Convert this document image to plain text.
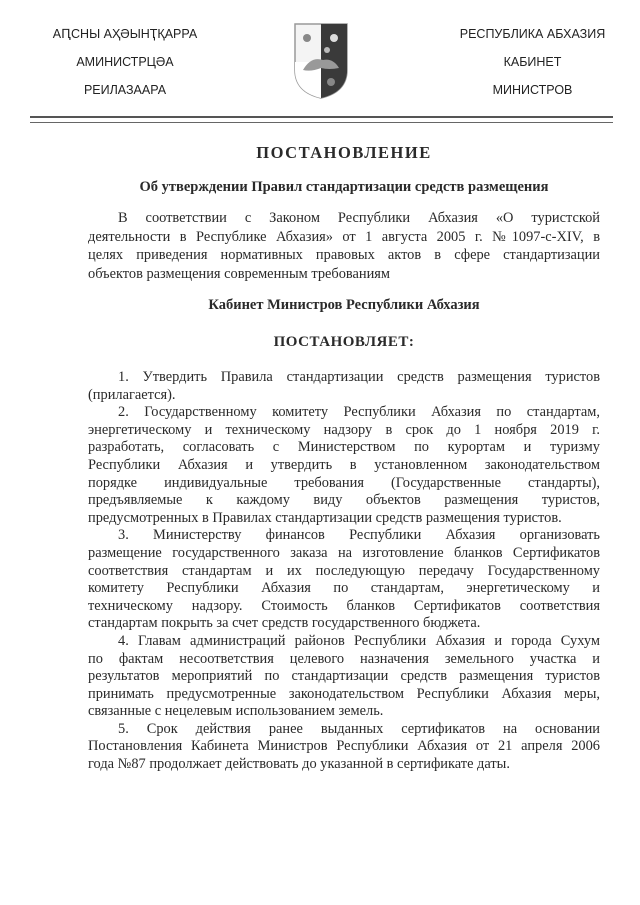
АԤСНЫ АҲӘЫНҬҚАРРА
АМИНИСТРЦӘА
РЕИЛАЗААРА
РЕСПУБЛИКА АБХАЗИЯ
КАБИНЕТ
МИНИСТРОВ
ПОСТАНОВЛЕНИЕ
Об утверждении Правил стандартизации средств размещения
В соответствии с Законом Республики Абхазия «О туристской
деятельности в Республике Абхазия» от 1 августа 2005 г. №1097-с-XIV, в
целях приведения нормативных правовых актов в сфере стандартизации
объектов размещения современным требованиям
Кабинет Министров Республики Абхазия
ПОСТАНОВЛЯЕТ:
1. Утвердить Правила стандартизации средств размещения туристов
(прилагается).
2. Государственному комитету Республики Абхазия по стандартам,
энергетическому и техническому надзору в срок до 1 ноября 2019 г.
разработать, согласовать с Министерством по курортам и туризму
Республики Абхазия и утвердить в установленном законодательством
порядке индивидуальные требования (Государственные стандарты),
предъявляемые к каждому виду объектов размещения туристов,
предусмотренных в Правилах стандартизации средств размещения туристов.
3. Министерству финансов Республики Абхазия организовать
размещение государственного заказа на изготовление бланков Сертификатов
соответствия стандартам и их последующую передачу Государственному
комитету Республики Абхазия по стандартам, энергетическому и
техническому надзору. Стоимость бланков Сертификатов соответствия
стандартам покрыть за счет средств государственного бюджета.
4. Главам администраций районов Республики Абхазия и города Сухум
по фактам несоответствия целевого назначения земельного участка и
результатов мероприятий по стандартизации средств размещения туристов
принимать предусмотренные законодательством Республики Абхазия меры,
связанные с нецелевым использованием земель.
5. Срок действия ранее выданных сертификатов на основании
Постановления Кабинета Министров Республики Абхазия от 21 апреля 2006
года №87 продолжает действовать до указанной в сертификате даты.
